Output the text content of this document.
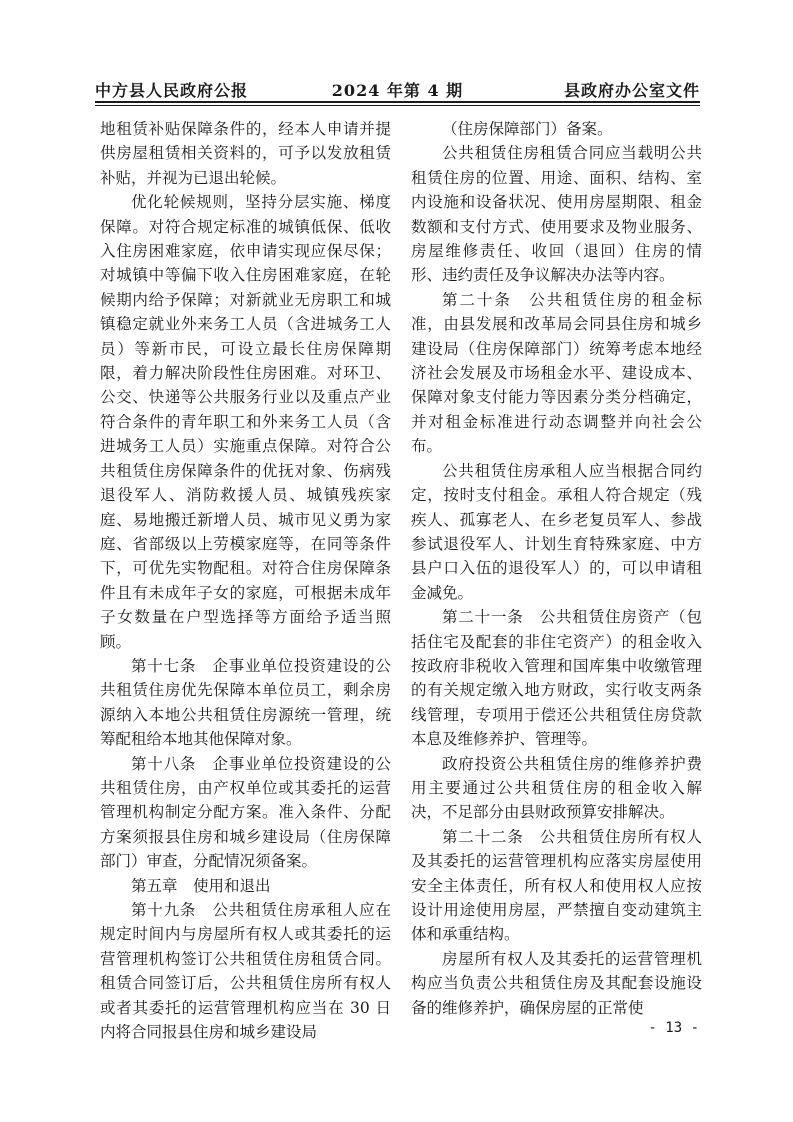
中方县人民政府公报	2024 年第 4 期	县政府办公室文件

地租赁补贴保障条件的，经本人申请并提供房屋租赁相关资料的，可予以发放租赁补贴，并视为已退出轮候。

优化轮候规则，坚持分层实施、梯度保障。对符合规定标准的城镇低保、低收入住房困难家庭，依申请实现应保尽保；对城镇中等偏下收入住房困难家庭，在轮候期内给予保障；对新就业无房职工和城镇稳定就业外来务工人员（含进城务工人员）等新市民，可设立最长住房保障期限，着力解决阶段性住房困难。对环卫、公交、快递等公共服务行业以及重点产业符合条件的青年职工和外来务工人员（含进城务工人员）实施重点保障。对符合公共租赁住房保障条件的优抚对象、伤病残退役军人、消防救援人员、城镇残疾家庭、易地搬迁新增人员、城市见义勇为家庭、省部级以上劳模家庭等，在同等条件下，可优先实物配租。对符合住房保障条件且有未成年子女的家庭，可根据未成年子女数量在户型选择等方面给予适当照顾。

第十七条　企事业单位投资建设的公共租赁住房优先保障本单位员工，剩余房源纳入本地公共租赁住房源统一管理，统筹配租给本地其他保障对象。

第十八条　企事业单位投资建设的公共租赁住房，由产权单位或其委托的运营管理机构制定分配方案。准入条件、分配方案须报县住房和城乡建设局（住房保障部门）审查，分配情况须备案。

第五章　使用和退出

第十九条　公共租赁住房承租人应在规定时间内与房屋所有权人或其委托的运营管理机构签订公共租赁住房租赁合同。租赁合同签订后，公共租赁住房所有权人或者其委托的运营管理机构应当在 30 日内将合同报县住房和城乡建设局

（住房保障部门）备案。

公共租赁住房租赁合同应当载明公共租赁住房的位置、用途、面积、结构、室内设施和设备状况、使用房屋期限、租金数额和支付方式、使用要求及物业服务、房屋维修责任、收回（退回）住房的情形、违约责任及争议解决办法等内容。

第二十条　公共租赁住房的租金标准，由县发展和改革局会同县住房和城乡建设局（住房保障部门）统筹考虑本地经济社会发展及市场租金水平、建设成本、保障对象支付能力等因素分类分档确定，并对租金标准进行动态调整并向社会公布。

公共租赁住房承租人应当根据合同约定，按时支付租金。承租人符合规定（残疾人、孤寡老人、在乡老复员军人、参战参试退役军人、计划生育特殊家庭、中方县户口入伍的退役军人）的，可以申请租金减免。

第二十一条　公共租赁住房资产（包括住宅及配套的非住宅资产）的租金收入按政府非税收入管理和国库集中收缴管理的有关规定缴入地方财政，实行收支两条线管理，专项用于偿还公共租赁住房贷款本息及维修养护、管理等。

政府投资公共租赁住房的维修养护费用主要通过公共租赁住房的租金收入解决，不足部分由县财政预算安排解决。

第二十二条　公共租赁住房所有权人及其委托的运营管理机构应落实房屋使用安全主体责任，所有权人和使用权人应按设计用途使用房屋，严禁擅自变动建筑主体和承重结构。

房屋所有权人及其委托的运营管理机构应当负责公共租赁住房及其配套设施设备的维修养护，确保房屋的正常使

- 13 -
